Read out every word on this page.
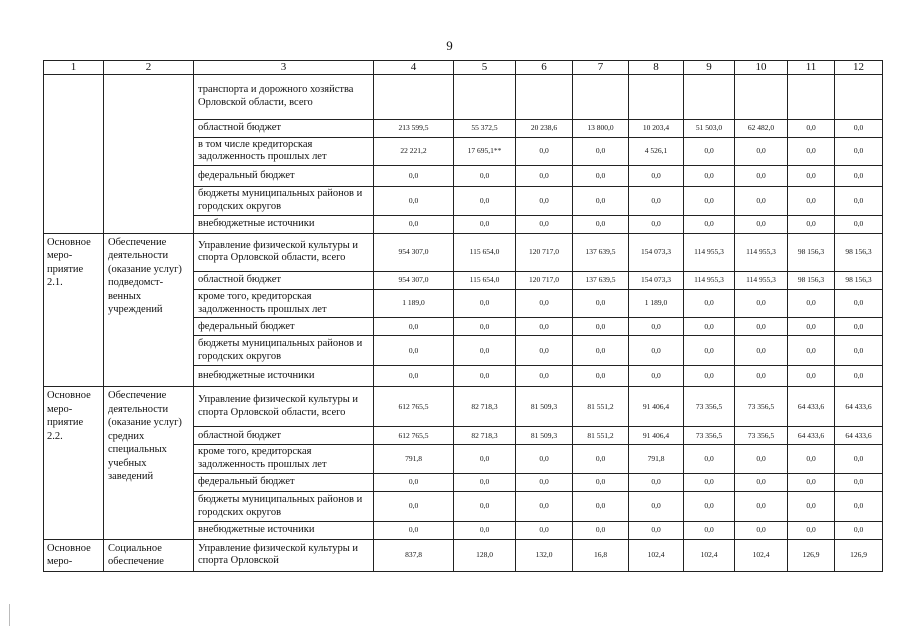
9
1	2	3	4	5	6	7	8	9	10	11	12
		транспорта и дорожного хозяйства Орловской области, всего									
		областной бюджет	213 599,5	55 372,5	20 238,6	13 800,0	10 203,4	51 503,0	62 482,0	0,0	0,0
		в том числе кредиторская задолженность прошлых лет	22 221,2	17 695,1**	0,0	0,0	4 526,1	0,0	0,0	0,0	0,0
		федеральный бюджет	0,0	0,0	0,0	0,0	0,0	0,0	0,0	0,0	0,0
		бюджеты муниципальных районов и городских округов	0,0	0,0	0,0	0,0	0,0	0,0	0,0	0,0	0,0
		внебюджетные источники	0,0	0,0	0,0	0,0	0,0	0,0	0,0	0,0	0,0
Основное меро-приятие 2.1.	Обеспечение деятельности (оказание услуг) подведомст-венных учреждений	Управление физической культуры и спорта Орловской области, всего	954 307,0	115 654,0	120 717,0	137 639,5	154 073,3	114 955,3	114 955,3	98 156,3	98 156,3
		областной бюджет	954 307,0	115 654,0	120 717,0	137 639,5	154 073,3	114 955,3	114 955,3	98 156,3	98 156,3
		кроме того, кредиторская задолженность прошлых лет	1 189,0	0,0	0,0	0,0	1 189,0	0,0	0,0	0,0	0,0
		федеральный бюджет	0,0	0,0	0,0	0,0	0,0	0,0	0,0	0,0	0,0
		бюджеты муниципальных районов и городских округов	0,0	0,0	0,0	0,0	0,0	0,0	0,0	0,0	0,0
		внебюджетные источники	0,0	0,0	0,0	0,0	0,0	0,0	0,0	0,0	0,0
Основное меро-приятие 2.2.	Обеспечение деятельности (оказание услуг) средних специальных учебных заведений	Управление физической культуры и спорта Орловской области, всего	612 765,5	82 718,3	81 509,3	81 551,2	91 406,4	73 356,5	73 356,5	64 433,6	64 433,6
		областной бюджет	612 765,5	82 718,3	81 509,3	81 551,2	91 406,4	73 356,5	73 356,5	64 433,6	64 433,6
		кроме того, кредиторская задолженность прошлых лет	791,8	0,0	0,0	0,0	791,8	0,0	0,0	0,0	0,0
		федеральный бюджет	0,0	0,0	0,0	0,0	0,0	0,0	0,0	0,0	0,0
		бюджеты муниципальных районов и городских округов	0,0	0,0	0,0	0,0	0,0	0,0	0,0	0,0	0,0
		внебюджетные источники	0,0	0,0	0,0	0,0	0,0	0,0	0,0	0,0	0,0
Основное меро-	Социальное обеспечение	Управление физической культуры и спорта Орловской	837,8	128,0	132,0	16,8	102,4	102,4	102,4	126,9	126,9
